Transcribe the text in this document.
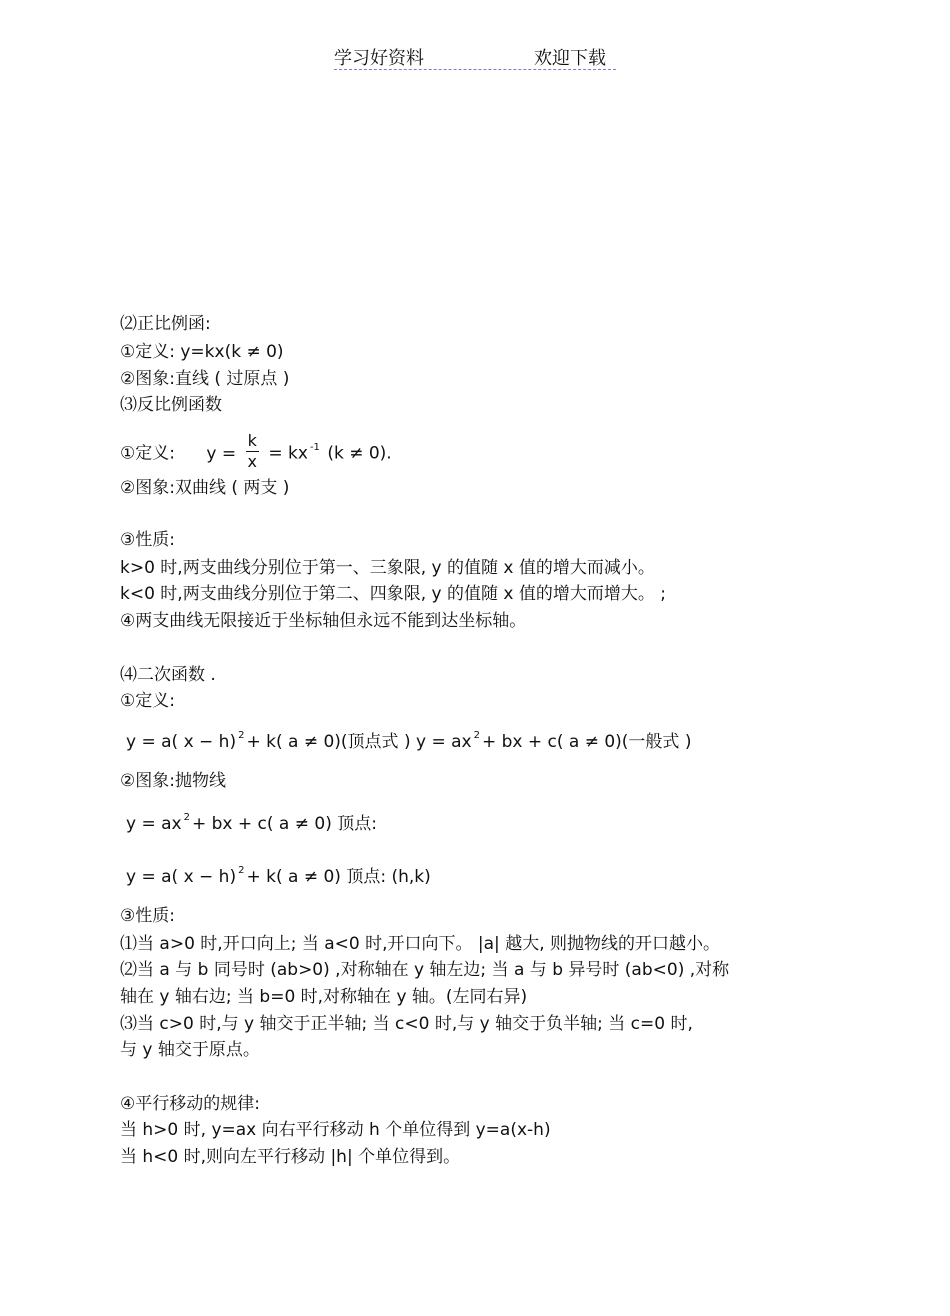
学习好资料	欢迎下载
⑵正比例函:
①定义: y=kx(k ≠ 0)
②图象:直线 ( 过原点 )
⑶反比例函数
①定义: $y = \frac{k}{x}$ = kx $^{-1}$ (k ≠ 0).
②图象:双曲线 ( 两支 )
③性质:
k>0 时,两支曲线分别位于第一、三象限, y 的值随 x 值的增大而减小。
k<0 时,两支曲线分别位于第二、四象限, y 的值随 x 值的增大而增大。 ;
④两支曲线无限接近于坐标轴但永远不能到达坐标轴。
⑷二次函数 .
①定义:
y = a( x − h) $^2$ + k( a ≠ 0)(顶点式 ) y = ax $^2$ + bx + c( a ≠ 0)(一般式 )
②图象:抛物线
y = ax $^2$ + bx + c( a ≠ 0) 顶点:
y = a( x − h) $^2$ + k( a ≠ 0) 顶点: (h,k)
③性质:
⑴当 a>0 时,开口向上; 当 a<0 时,开口向下。 |a| 越大, 则抛物线的开口越小。
⑵当 a 与 b 同号时 (ab>0) ,对称轴在 y 轴左边; 当 a 与 b 异号时 (ab<0) ,对称
轴在 y 轴右边; 当 b=0 时,对称轴在 y 轴。(左同右异)
⑶当 c>0 时,与 y 轴交于正半轴; 当 c<0 时,与 y 轴交于负半轴; 当 c=0 时,
与 y 轴交于原点。
④平行移动的规律:
当 h>0 时, y=ax 向右平行移动 h 个单位得到 y=a(x-h)
当 h<0 时,则向左平行移动 |h| 个单位得到。
